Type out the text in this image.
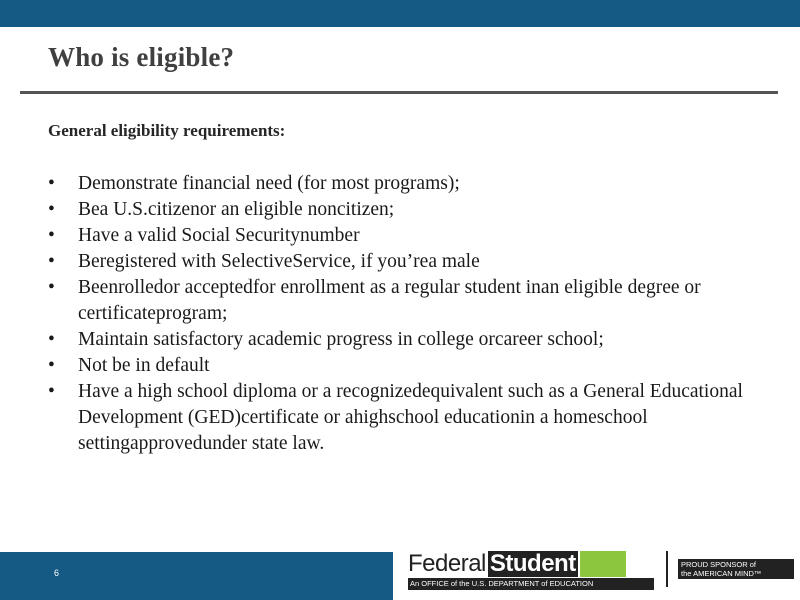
Who is eligible?
General eligibility requirements:
• Demonstrate financial need (for most programs);
• Bea U.S.citizenor an eligible noncitizen;
• Have a valid Social Securitynumber
• Beregistered with SelectiveService, if you’rea male
• Beenrolledor acceptedfor enrollment as a regular student inan eligible degree or certificateprogram;
• Maintain satisfactory academic progress in college orcareer school;
• Not be in default
• Have a high school diploma or a recognizedequivalent such as a General Educational Development (GED)certificate or ahighschool educationin a homeschool settingapprovedunder state law.
6	Federal Student
An OFFICE of the U.S. DEPARTMENT of EDUCATION
PROUD SPONSOR of
the AMERICAN MIND™
